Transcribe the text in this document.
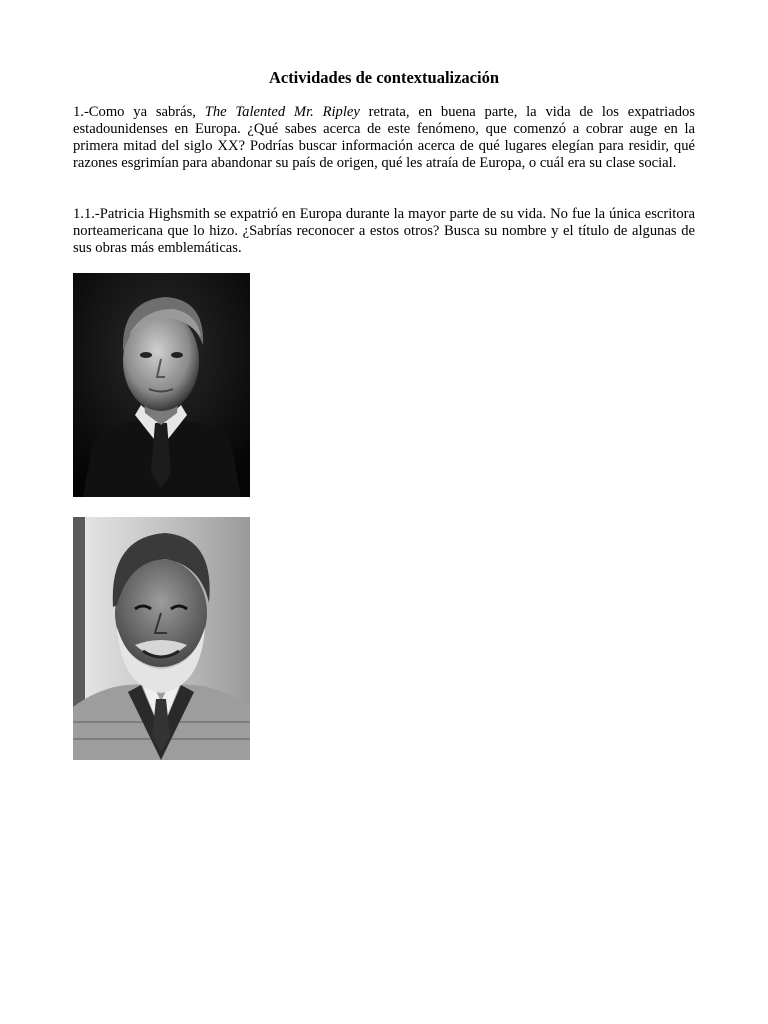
Actividades de contextualización

1.-Como ya sabrás, The Talented Mr. Ripley retrata, en buena parte, la vida de los expatriados estadounidenses en Europa. ¿Qué sabes acerca de este fenómeno, que comenzó a cobrar auge en la primera mitad del siglo XX? Podrías buscar información acerca de qué lugares elegían para residir, qué razones esgrimían para abandonar su país de origen, qué les atraía de Europa, o cuál era su clase social.

1.1.-Patricia Highsmith se expatrió en Europa durante la mayor parte de su vida. No fue la única escritora norteamericana que lo hizo. ¿Sabrías reconocer a estos otros? Busca su nombre y el título de algunas de sus obras más emblemáticas.
